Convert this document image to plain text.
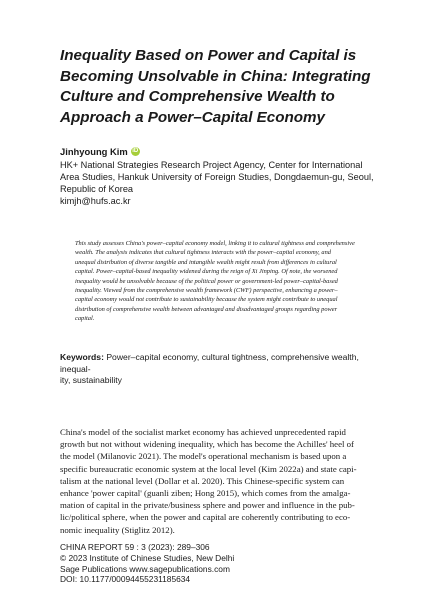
Inequality Based on Power and Capital is
Becoming Unsolvable in China: Integrating
Culture and Comprehensive Wealth to
Approach a Power–Capital Economy
Jinhyoung Kim iD
HK+ National Strategies Research Project Agency, Center for International
Area Studies, Hankuk University of Foreign Studies, Dongdaemun-gu, Seoul,
Republic of Korea
kimjh@hufs.ac.kr
This study assesses China's power–capital economy model, linking it to cultural tightness and comprehensive
wealth. The analysis indicates that cultural tightness interacts with the power–capital economy, and
unequal distribution of diverse tangible and intangible wealth might result from differences in cultural
capital. Power–capital-based inequality widened during the reign of Xi Jinping. Of note, the worsened
inequality would be unsolvable because of the political power or government-led power–capital-based
inequality. Viewed from the comprehensive wealth framework (CWF) perspective, enhancing a power–
capital economy would not contribute to sustainability because the system might contribute to unequal
distribution of comprehensive wealth between advantaged and disadvantaged groups regarding power
capital.
Keywords: Power–capital economy, cultural tightness, comprehensive wealth, inequal-
ity, sustainability
China's model of the socialist market economy has achieved unprecedented rapid
growth but not without widening inequality, which has become the Achilles' heel of
the model (Milanovic 2021). The model's operational mechanism is based upon a
specific bureaucratic economic system at the local level (Kim 2022a) and state capi-
talism at the national level (Dollar et al. 2020). This Chinese-specific system can
enhance 'power capital' (guanli ziben; Hong 2015), which comes from the amalga-
mation of capital in the private/business sphere and power and influence in the pub-
lic/political sphere, when the power and capital are coherently contributing to eco-
nomic inequality (Stiglitz 2012).
CHINA REPORT 59 : 3 (2023): 289–306
© 2023 Institute of Chinese Studies, New Delhi
Sage Publications www.sagepublications.com
DOI: 10.1177/00094455231185634
